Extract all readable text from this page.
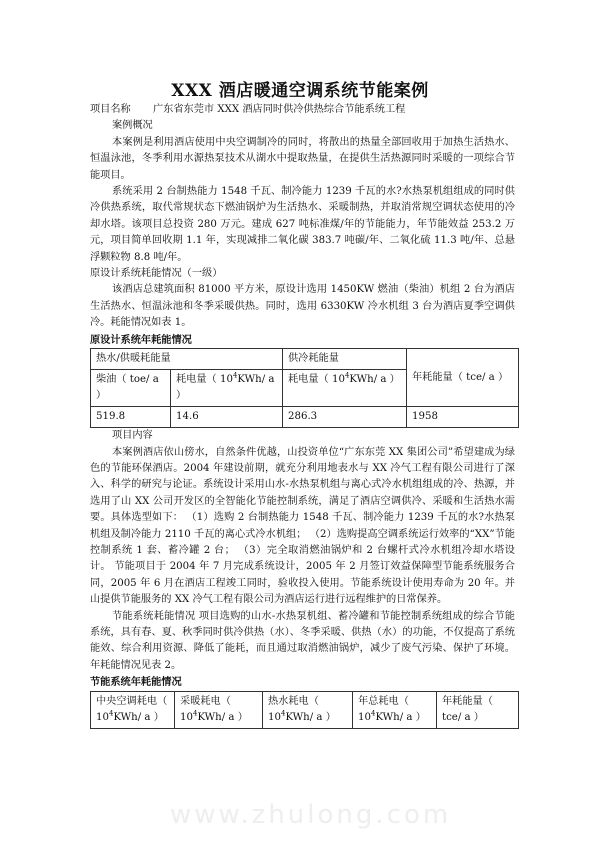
XXX 酒店暖通空调系统节能案例
项目名称 广东省东莞市 XXX 酒店同时供冷供热综合节能系统工程
案例概况

本案例是利用酒店使用中央空调制冷的同时，将散出的热量全部回收用于加热生活热水、恒温泳池，冬季利用水源热泵技术从湖水中提取热量，在提供生活热源同时采暖的一项综合节能项目。

系统采用 2 台制热能力 1548 千瓦、制冷能力 1239 千瓦的水?水热泵机组组成的同时供冷供热系统，取代常规状态下燃油锅炉为生活热水、采暖制热，并取消常规空调状态使用的冷却水塔。该项目总投资 280 万元。建成 627 吨标准煤/年的节能能力，年节能效益 253.2 万元，项目简单回收期 1.1 年，实现减排二氧化碳 383.7 吨碳/年、二氧化硫 11.3 吨/年、总悬浮颗粒物 8.8 吨/年。

原设计系统耗能情况（一级）

该酒店总建筑面积 81000 平方米，原设计选用 1450KW 燃油（柴油）机组 2 台为酒店生活热水、恒温泳池和冬季采暖供热。同时，选用 6330KW 冷水机组 3 台为酒店夏季空调供冷。耗能情况如表 1。

原设计系统年耗能情况
热水/供暖耗能量		供冷耗能量	年耗能量（ tce/ a ）
柴油（ toe/ a ）	耗电量（ $10^4KWh/$ a ）	耗电量（ $10^4KWh/$ a ）	
519.8	14.6	286.3	1958
项目内容

本案例酒店依山傍水，自然条件优越，山投资单位“广东东莞 XX 集团公司”希望建成为绿色的节能环保酒店。2004 年建设前期，就充分利用地表水与 XX 冷气工程有限公司进行了深入、科学的研究与论证。系统设计采用山水-水热泵机组与离心式冷水机组组成的冷、热源，并选用了山 XX 公司开发区的全智能化节能控制系统，满足了酒店空调供冷、采暖和生活热水需要。具体选型如下： （1）选购 2 台制热能力 1548 千瓦、制冷能力 1239 千瓦的水?水热泵机组及制冷能力 2110 千瓦的离心式冷水机组； （2）选购提高空调系统运行效率的“XX”节能控制系统 1 套、蓄冷罐 2 台； （3）完全取消燃油锅炉和 2 台螺杆式冷水机组冷却水塔设计。 节能项目于 2004 年 7 月完成系统设计，2005 年 2 月签订效益保障型节能系统服务合同，2005 年 6 月在酒店工程竣工同时，验收投入使用。节能系统设计使用寿命为 20 年。并山提供节能服务的 XX 冷气工程有限公司为酒店运行进行远程维护的日常保养。

节能系统耗能情况 项目选购的山水-水热泵机组、蓄冷罐和节能控制系统组成的综合节能系统，具有春、夏、秋季同时供冷供热（水）、冬季采暖、供热（水）的功能，不仅提高了系统能效、综合利用资源、降低了能耗，而且通过取消燃油锅炉，减少了废气污染、保护了环境。年耗能情况见表 2。

节能系统年耗能情况
中央空调耗电（ $10^4KWh/$ a ）	采暖耗电（ $10^4KWh/$ a ）	热水耗电（ $10^4KWh/$ a ）	年总耗电（ $10^4KWh/$ a ）	年耗能量（ tce/ a ）
www.zhulong.com
